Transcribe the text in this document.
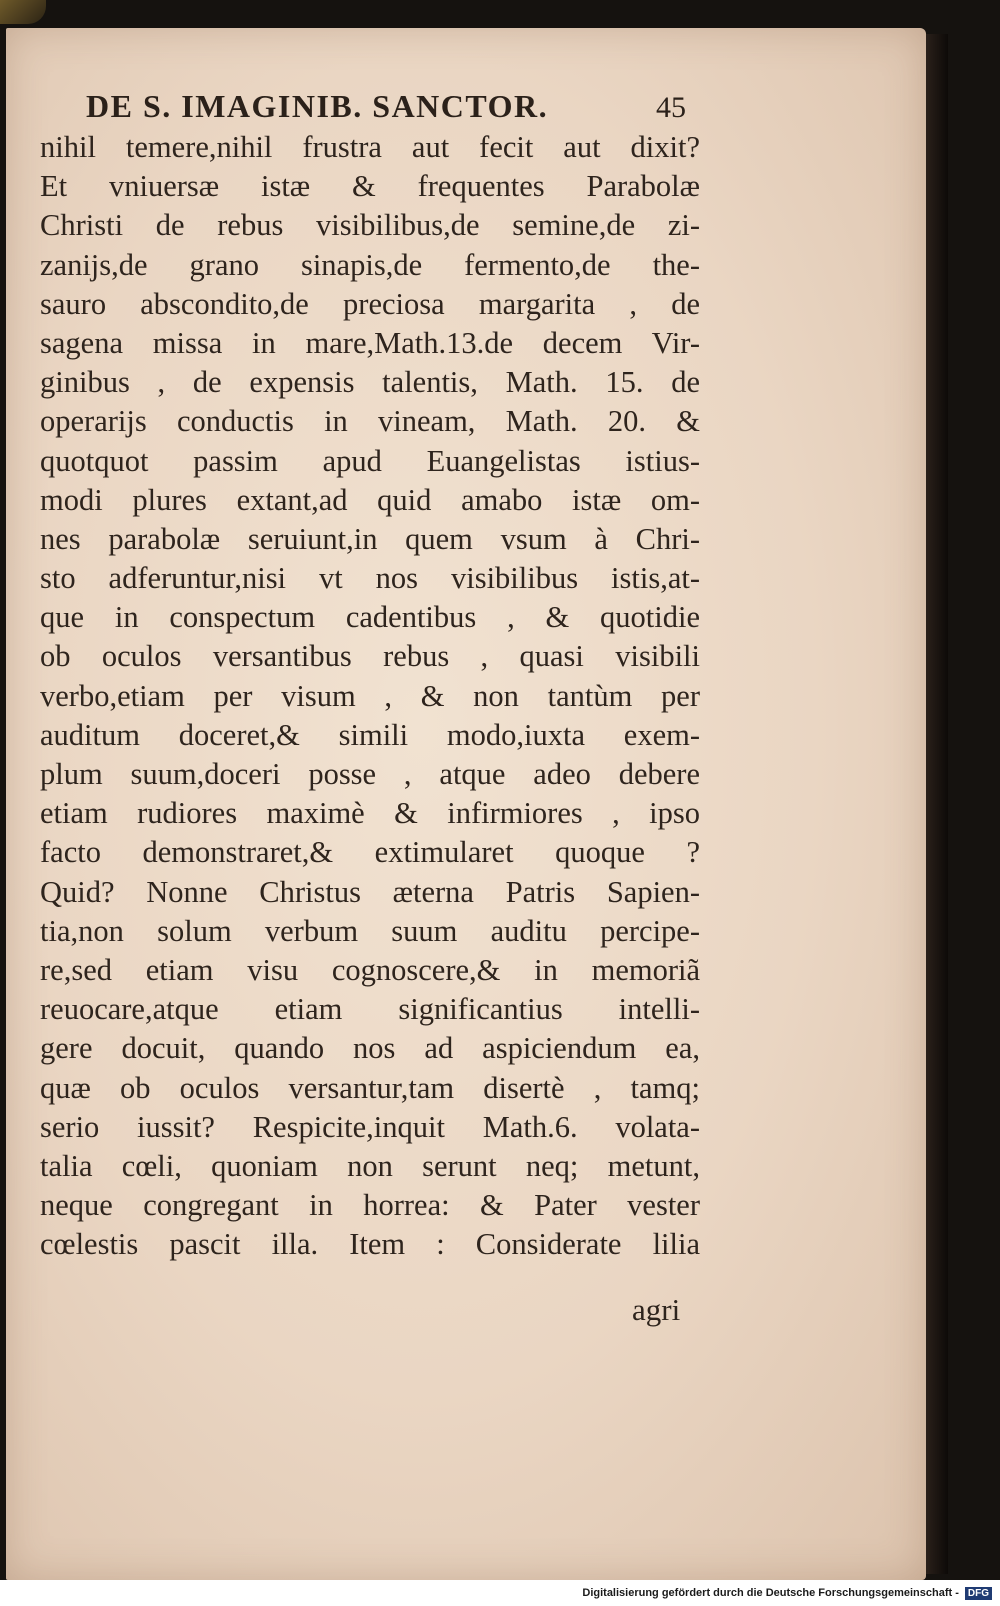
DE S. IMAGINIB. SANCTOR.	45
nihil temere,nihil frustra aut fecit aut dixit?
Et vniuersæ istæ & frequentes Parabolæ
Christi de rebus visibilibus,de semine,de zi-
zanijs,de grano sinapis,de fermento,de the-
sauro abscondito,de preciosa margarita , de
sagena missa in mare,Math.13.de decem Vir-
ginibus , de expensis talentis, Math. 15. de
operarijs conductis in vineam, Math. 20. &
quotquot passim apud Euangelistas istius-
modi plures extant,ad quid amabo istæ om-
nes parabolæ seruiunt,in quem vsum à Chri-
sto adferuntur,nisi vt nos visibilibus istis,at-
que in conspectum cadentibus , & quotidie
ob oculos versantibus rebus , quasi visibili
verbo,etiam per visum , & non tantùm per
auditum doceret,& simili modo,iuxta exem-
plum suum,doceri posse , atque adeo debere
etiam rudiores maximè & infirmiores , ipso
facto demonstraret,& extimularet quoque ?
Quid? Nonne Christus æterna Patris Sapien-
tia,non solum verbum suum auditu percipe-
re,sed etiam visu cognoscere,& in memoriã
reuocare,atque etiam significantius intelli-
gere docuit, quando nos ad aspiciendum ea,
quæ ob oculos versantur,tam disertè , tamq;
serio iussit? Respicite,inquit Math.6. volata-
talia cœli, quoniam non serunt neq; metunt,
neque congregant in horrea: & Pater vester
cœlestis pascit illa. Item : Considerate lilia
agri
Digitalisierung gefördert durch die Deutsche Forschungsgemeinschaft - DFG
